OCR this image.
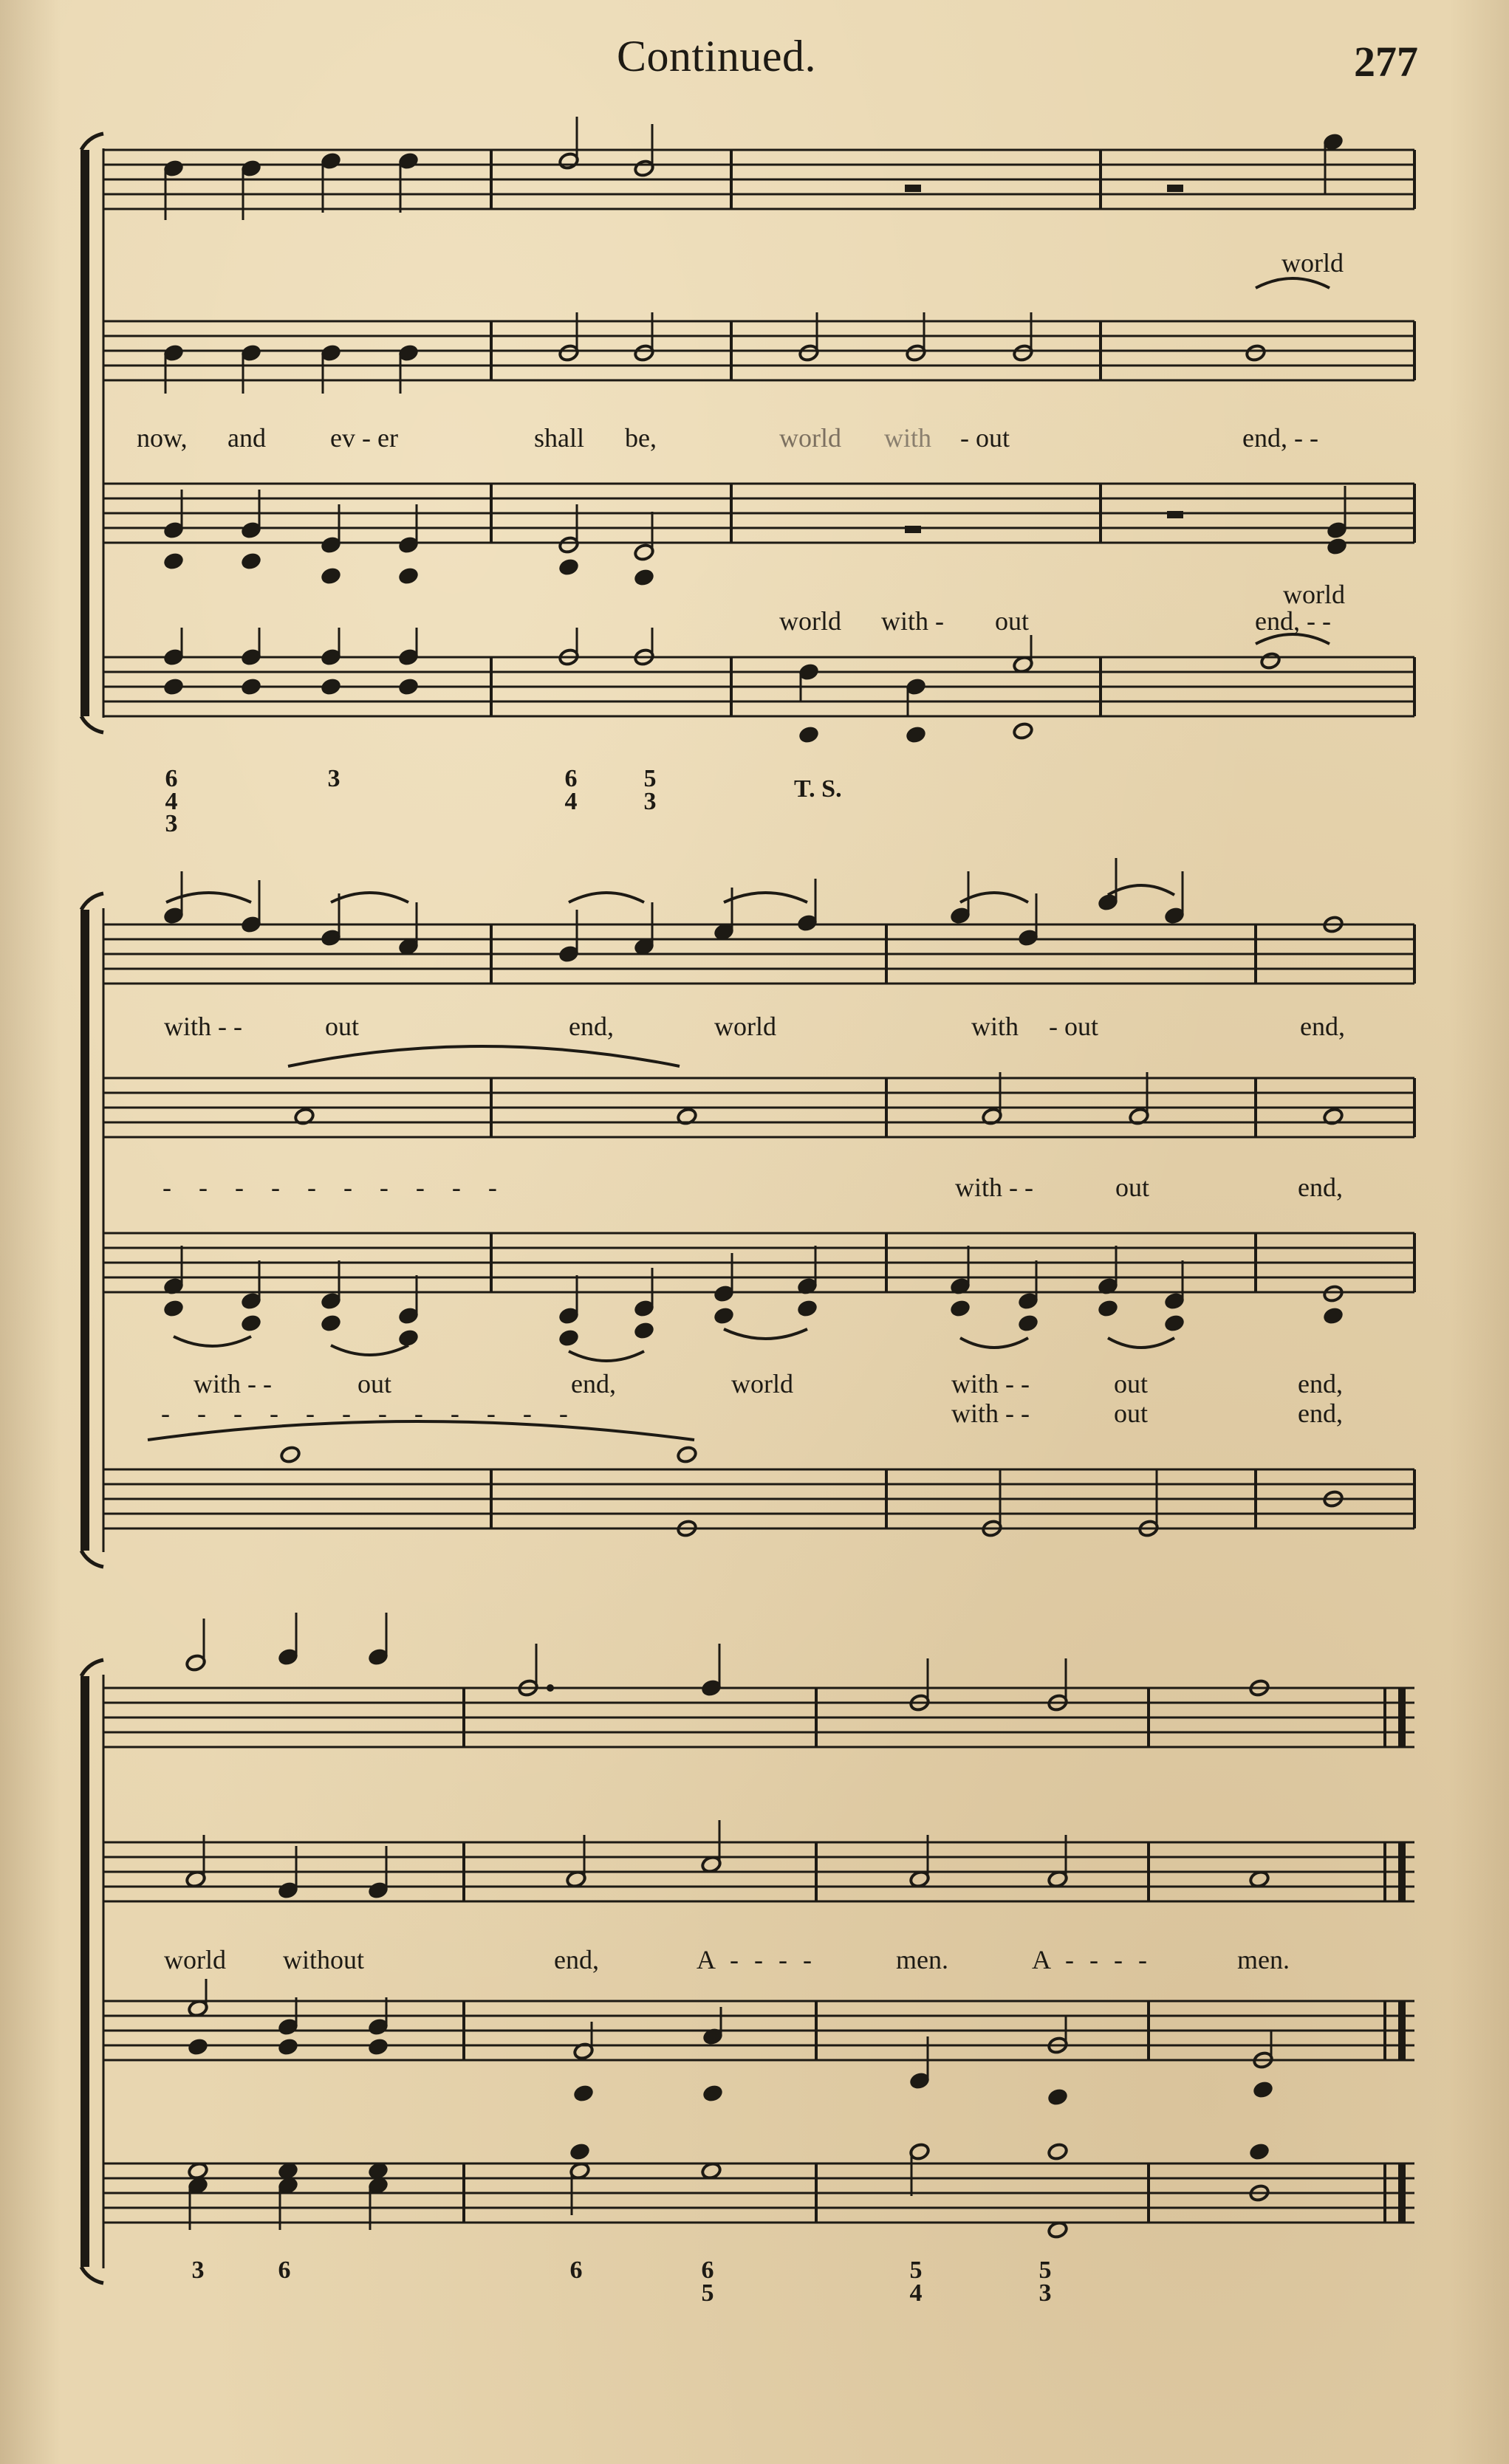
Continued.	277
world
now, and ev - er	shall be,	world with - out	end, - -
world
world with - out	end, - -
6
4
3
3	6
4
5
3	T. S.
with - -	out	end,	world	with - out	end,
- - - - - - - - - -	with - -	out	end,
with - -	out	end,	world	with - -	out	end,
- - - - - - - - - - - -	with - -	out	end,
world without	end,	A - - - -	men.	A - - - -	men.
3	6	6	6
5
5
4
5
3
